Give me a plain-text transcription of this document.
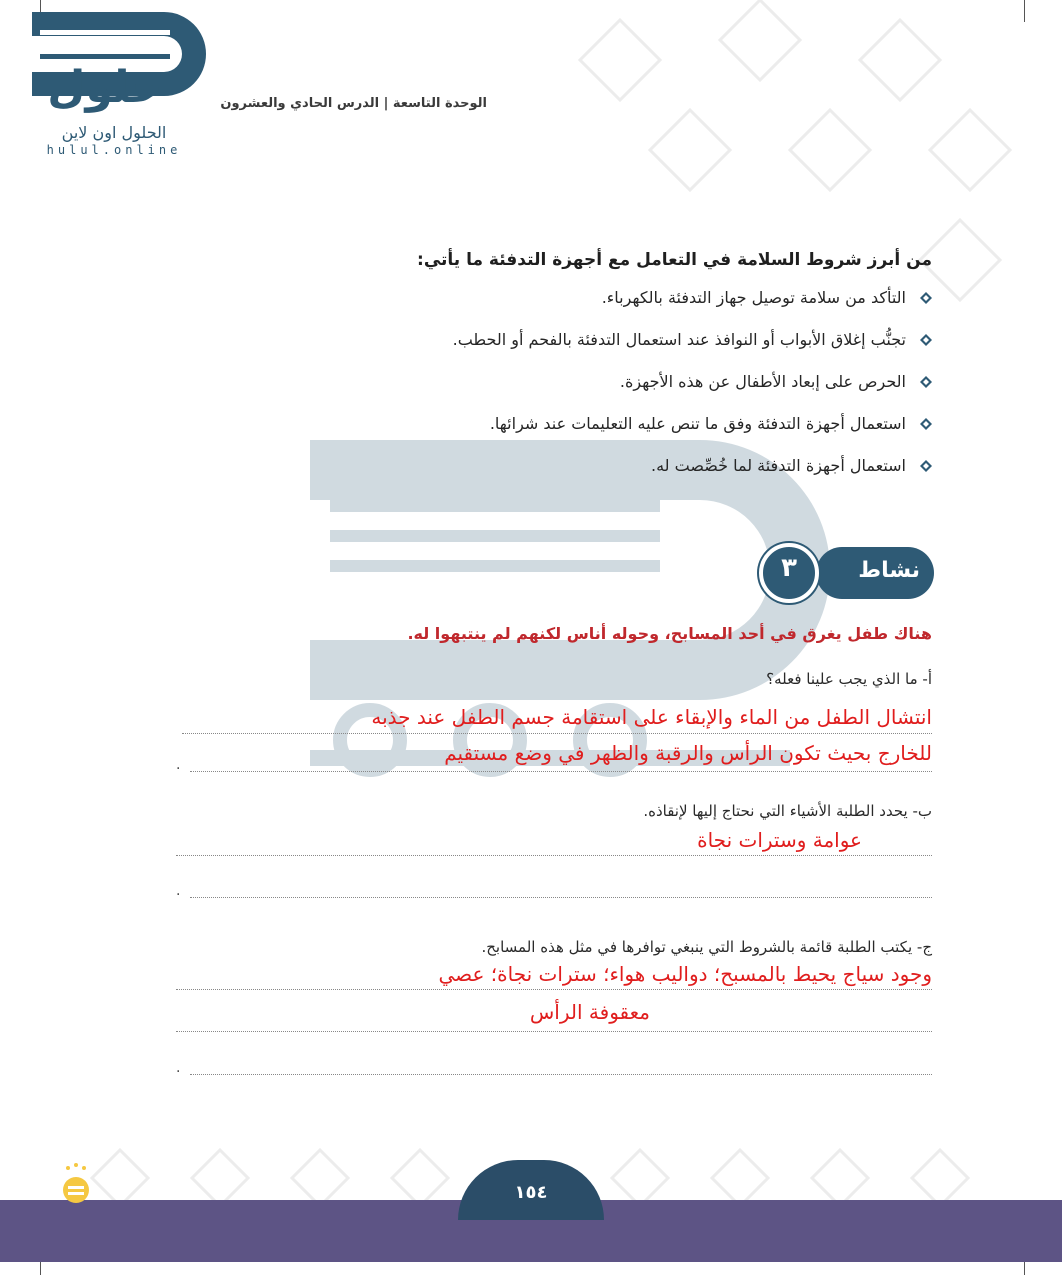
الحلول اون لاين
hulul.online
حلول	الوحدة التاسعة | الدرس الحادي والعشرون
من أبرز شروط السلامة في التعامل مع أجهزة التدفئة ما يأتي:
التأكد من سلامة توصيل جهاز التدفئة بالكهرباء.
تجنُّب إغلاق الأبواب أو النوافذ عند استعمال التدفئة بالفحم أو الحطب.
الحرص على إبعاد الأطفال عن هذه الأجهزة.
استعمال أجهزة التدفئة وفق ما تنص عليه التعليمات عند شرائها.
استعمال أجهزة التدفئة لما خُصِّصت له.
نشاط
٣
هناك طفل يغرق في أحد المسابح، وحوله أناس لكنهم لم ينتبهوا له.
أ- ما الذي يجب علينا فعله؟
.
انتشال الطفل من الماء والإبقاء على استقامة جسم الطفل عند جذبه
للخارج بحيث تكون الرأس والرقبة والظهر في وضع مستقيم
ب- يحدد الطلبة الأشياء التي نحتاج إليها لإنقاذه.
.
عوامة وسترات نجاة
ج- يكتب الطلبة قائمة بالشروط التي ينبغي توافرها في مثل هذه المسابح.
.
وجود سياج يحيط بالمسبح؛ دواليب هواء؛ سترات نجاة؛ عصي
معقوفة الرأس
١٥٤
